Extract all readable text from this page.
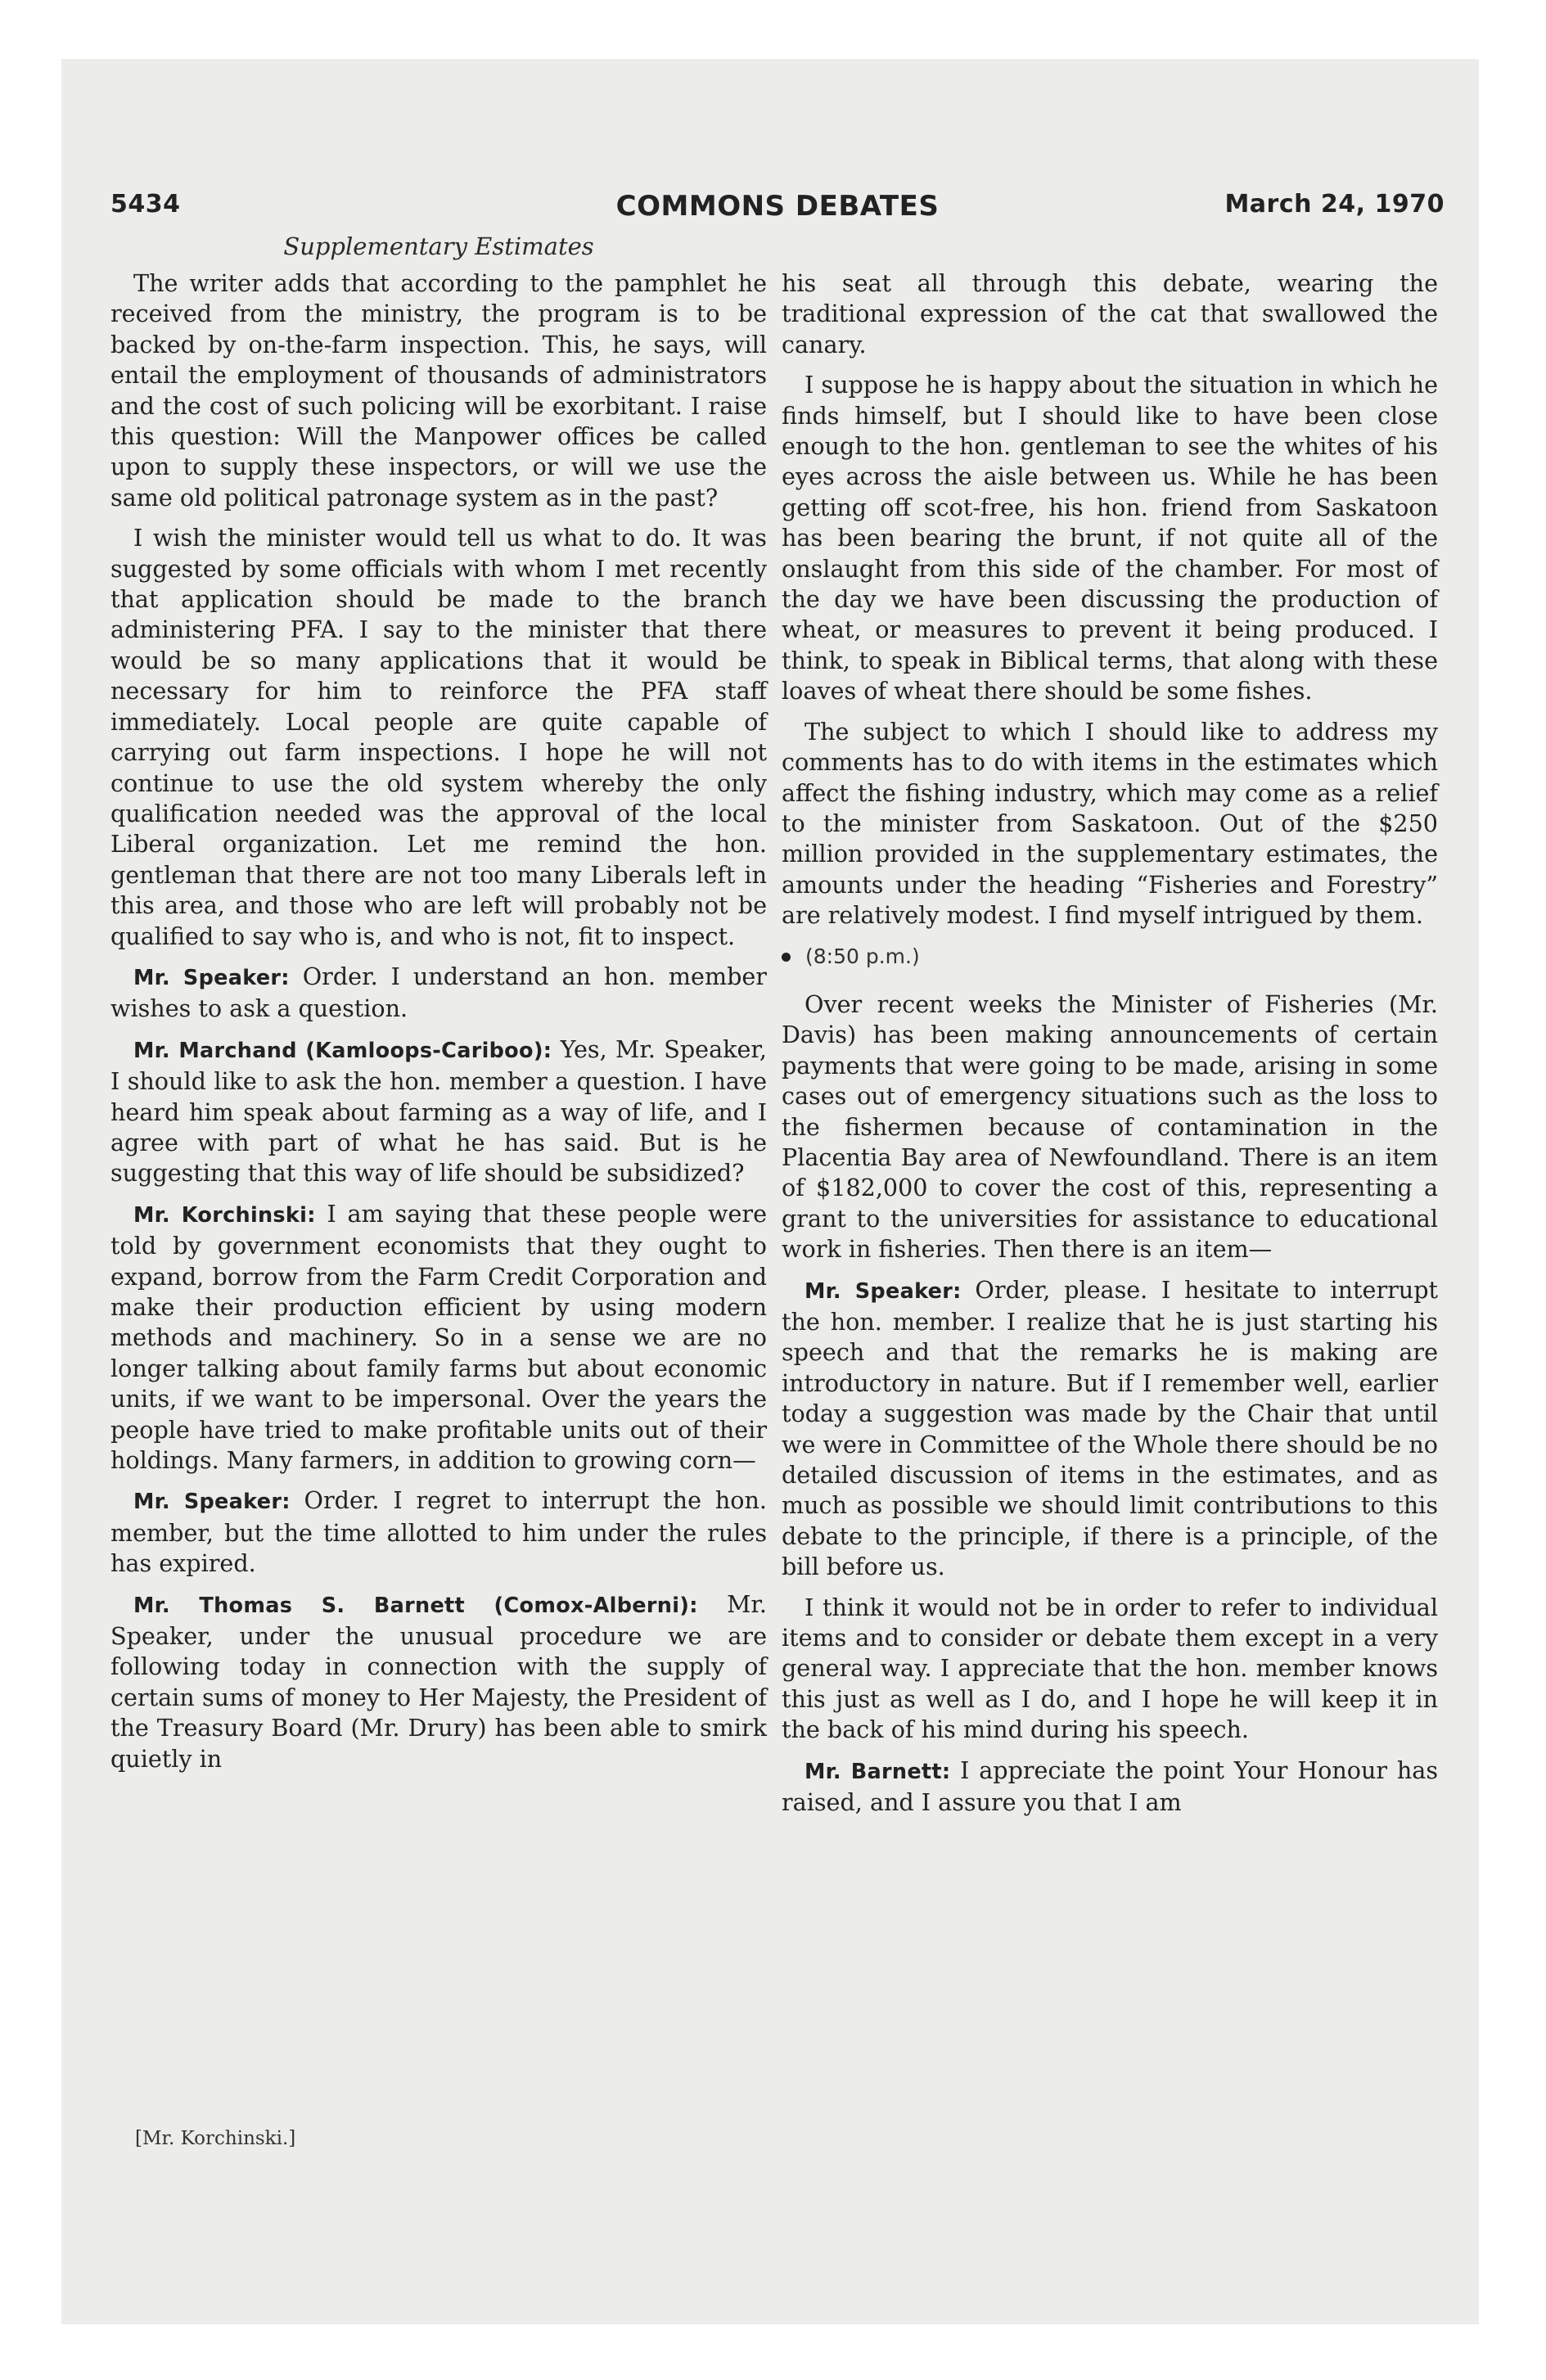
5434	COMMONS DEBATES	March 24, 1970
Supplementary Estimates

The writer adds that according to the pamphlet he received from the ministry, the program is to be backed by on-the-farm inspection. This, he says, will entail the employment of thousands of administrators and the cost of such policing will be exorbitant. I raise this question: Will the Manpower offices be called upon to supply these inspectors, or will we use the same old political patronage system as in the past?

I wish the minister would tell us what to do. It was suggested by some officials with whom I met recently that application should be made to the branch administering PFA. I say to the minister that there would be so many applications that it would be necessary for him to reinforce the PFA staff immediately. Local people are quite capable of carrying out farm inspections. I hope he will not continue to use the old system whereby the only qualification needed was the approval of the local Liberal organization. Let me remind the hon. gentleman that there are not too many Liberals left in this area, and those who are left will probably not be qualified to say who is, and who is not, fit to inspect.

Mr. Speaker: Order. I understand an hon. member wishes to ask a question.

Mr. Marchand (Kamloops-Cariboo): Yes, Mr. Speaker, I should like to ask the hon. member a question. I have heard him speak about farming as a way of life, and I agree with part of what he has said. But is he suggesting that this way of life should be subsidized?

Mr. Korchinski: I am saying that these people were told by government economists that they ought to expand, borrow from the Farm Credit Corporation and make their production efficient by using modern methods and machinery. So in a sense we are no longer talking about family farms but about economic units, if we want to be impersonal. Over the years the people have tried to make profitable units out of their holdings. Many farmers, in addition to growing corn—

Mr. Speaker: Order. I regret to interrupt the hon. member, but the time allotted to him under the rules has expired.

Mr. Thomas S. Barnett (Comox-Alberni): Mr. Speaker, under the unusual procedure we are following today in connection with the supply of certain sums of money to Her Majesty, the President of the Treasury Board (Mr. Drury) has been able to smirk quietly in

his seat all through this debate, wearing the traditional expression of the cat that swallowed the canary.

I suppose he is happy about the situation in which he finds himself, but I should like to have been close enough to the hon. gentleman to see the whites of his eyes across the aisle between us. While he has been getting off scot-free, his hon. friend from Saskatoon has been bearing the brunt, if not quite all of the onslaught from this side of the chamber. For most of the day we have been discussing the production of wheat, or measures to prevent it being produced. I think, to speak in Biblical terms, that along with these loaves of wheat there should be some fishes.

The subject to which I should like to address my comments has to do with items in the estimates which affect the fishing industry, which may come as a relief to the minister from Saskatoon. Out of the $250 million provided in the supplementary estimates, the amounts under the heading “Fisheries and Forestry” are relatively modest. I find myself intrigued by them.

(8:50 p.m.)

Over recent weeks the Minister of Fisheries (Mr. Davis) has been making announcements of certain payments that were going to be made, arising in some cases out of emergency situations such as the loss to the fishermen because of contamination in the Placentia Bay area of Newfoundland. There is an item of $182,000 to cover the cost of this, representing a grant to the universities for assistance to educational work in fisheries. Then there is an item—

Mr. Speaker: Order, please. I hesitate to interrupt the hon. member. I realize that he is just starting his speech and that the remarks he is making are introductory in nature. But if I remember well, earlier today a suggestion was made by the Chair that until we were in Committee of the Whole there should be no detailed discussion of items in the estimates, and as much as possible we should limit contributions to this debate to the principle, if there is a principle, of the bill before us.

I think it would not be in order to refer to individual items and to consider or debate them except in a very general way. I appreciate that the hon. member knows this just as well as I do, and I hope he will keep it in the back of his mind during his speech.

Mr. Barnett: I appreciate the point Your Honour has raised, and I assure you that I am

[Mr. Korchinski.]
